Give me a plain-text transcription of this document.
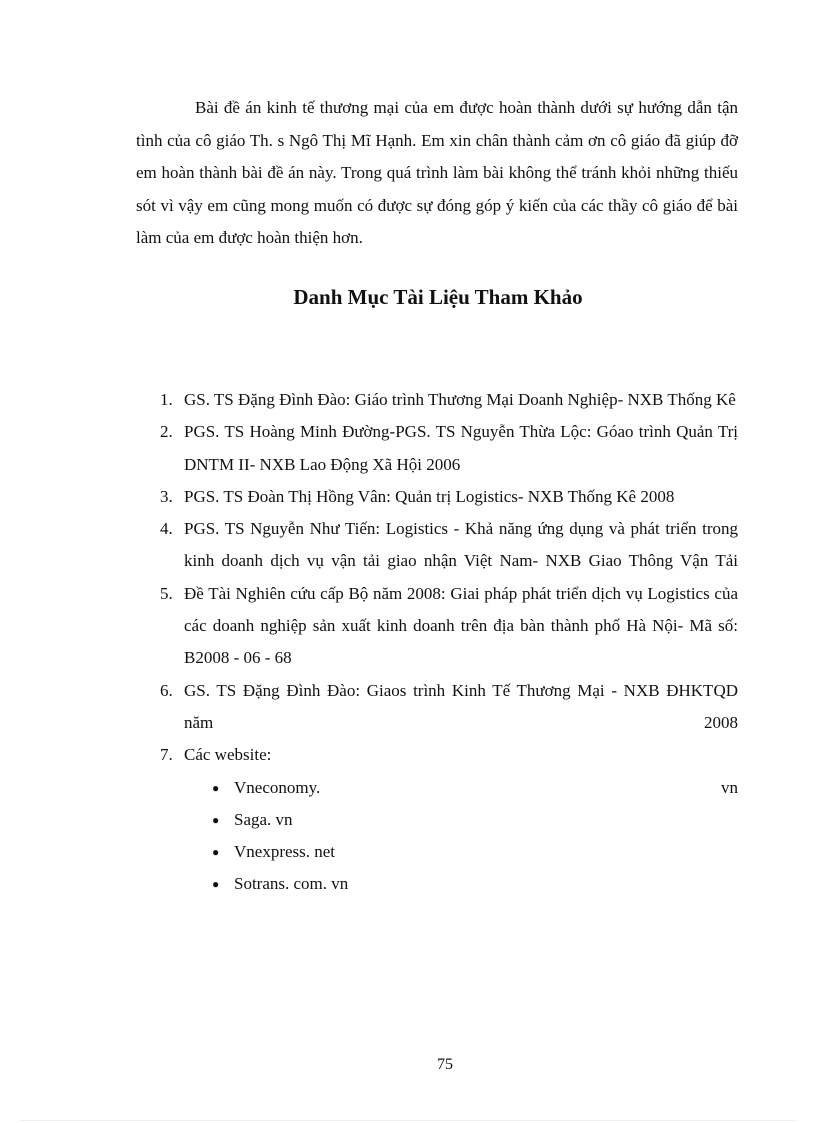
Bài đề án kinh tế thương mại của em được hoàn thành dưới sự hướng dẫn tận tình của cô giáo Th. s Ngô Thị Mĩ Hạnh. Em xin chân thành cảm ơn cô giáo đã giúp đỡ em hoàn thành bài đề án này. Trong quá trình làm bài không thể tránh khỏi những thiếu sót vì vậy em cũng mong muốn có được sự đóng góp ý kiến của các thầy cô giáo để bài làm của em được hoàn thiện hơn.

Danh Mục Tài Liệu Tham Khảo
1. GS. TS Đặng Đình Đào: Giáo trình Thương Mại Doanh Nghiệp- NXB Thống Kê
2. PGS. TS Hoàng Minh Đường-PGS. TS Nguyễn Thừa Lộc: Góao trình Quản Trị DNTM II- NXB Lao Động Xã Hội 2006
3. PGS. TS Đoàn Thị Hồng Vân: Quản trị Logistics- NXB Thống Kê 2008
4. PGS. TS Nguyễn Như Tiến: Logistics - Khả năng ứng dụng và phát triển trong kinh doanh dịch vụ vận tải giao nhận Việt Nam- NXB Giao Thông Vận Tải
5. Đề Tài Nghiên cứu cấp Bộ năm 2008: Giai pháp phát triển dịch vụ Logistics của các doanh nghiệp sản xuất kinh doanh trên địa bàn thành phố Hà Nội- Mã số: B2008 - 06 - 68
6. GS. TS Đặng Đình Đào: Giaos trình Kinh Tế Thương Mại - NXB ĐHKTQD năm 2008
7. Các website:
● Vneconomy.	vn
● Saga. vn
● Vnexpress. net
● Sotrans. com. vn
75
